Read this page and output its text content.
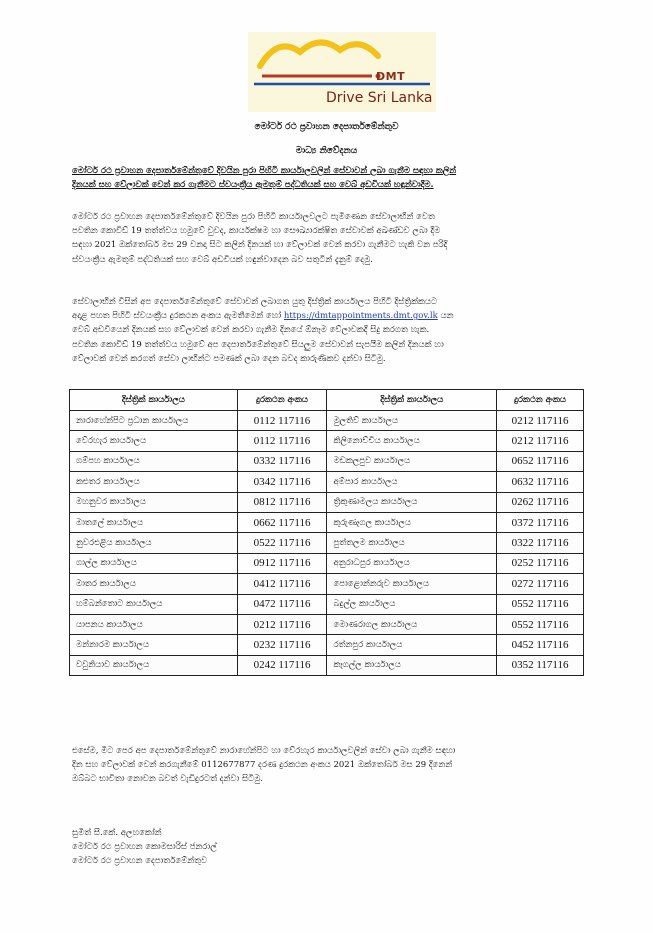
DMT
Drive Sri Lanka
මෝටර් රථ ප්‍රවාහන දෙපාර්තමේන්තුව
මාධ්‍ය නිවේදනය
මෝටර් රථ ප්‍රවාහන දෙපාර්තමේන්තුවේ දිවයින පුරා පිහිටි කාර්යාලවලින් සේවාවන් ලබා ගැනීම සඳහා කලින්
දිනයක් සහ වේලාවක් වෙන් කර ගැනීමට ස්වයංක්‍රීය ඇමතුම් පද්ධතියක් සහ වෙබ් අඩවියක් හඳුන්වාදීම.
මෝටර් රථ ප්‍රවාහන දෙපාර්තමේන්තුවේ දිවයින පුරා පිහිටි කාර්යාලවලට පැමිණෙන සේවාලාභීන් වෙත
පවතින කොවිඩ් 19 තත්ත්වය හමුවේ වුවද, කාර්යක්ෂම හා සෞඛ්‍යාරක්ෂිත සේවාවක් අඛණ්ඩව ලබා දීම
සඳහා 2021 ඔක්තෝබර් මස 29 වනදා සිට කලින් දිනයක් හා වේලාවක් වෙන් කරවා ගැනීමට හැකි වන පරිදි
ස්වයංක්‍රීය ඇමතුම් පද්ධතියක් සහ වෙබ් අඩවියක් හඳුන්වාදෙන බව සතුටින් දැනුම් දෙමු.
සේවාලාභීන් විසින් අප දෙපාර්තමේන්තුවේ සේවාවන් ලබාගත යුතු දිස්ත්‍රික් කාර්යාලය පිහිටි දිස්ත්‍රික්කයට
අදාළ පහත පිහිටි ස්වයංක්‍රීය දුරකථන අංකය ඇමතීමෙන් හෝ https://dmtappointments.dmt.gov.lk යන
වෙබ් අඩවියෙන් දිනයක් සහ වේලාවක් වෙන් කරවා ගැනීම දිනයේ ඕනෑම වේලාවකදී සිදු කරගත හැක.
පවතින කොවිඩ් 19 තත්ත්වය හමුවේ අප දෙපාර්තමේන්තුවේ සියලුම සේවාවන් සැපයීම කලින් දිනයක් හා
වේලාවක් වෙන් කරගත් සේවා ලාභීන්ට පමණක් ලබා දෙන බවද කාරුණිකව දන්වා සිටිමු.
දිස්ත්‍රික් කාර්යාලය	දුරකථන අංකය	දිස්ත්‍රික් කාර්යාලය	දුරකථන අංකය
නාරාහේන්පිට ප්‍රධාන කාර්යාලය	0112 117116	මුලතිව් කාර්යාලය	0212 117116
වේරහැර කාර්යාලය	0112 117116	කිලිනොච්චිය කාර්යාලය	0212 117116
ගම්පහ කාර්යාලය	0332 117116	මඩකලපුව කාර්යාලය	0652 117116
කළුතර කාර්යාලය	0342 117116	අම්පාර කාර්යාලය	0632 117116
මහනුවර කාර්යාලය	0812 117116	ත්‍රිකුණාමලය කාර්යාලය	0262 117116
මාතලේ කාර්යාලය	0662 117116	කුරුණෑගල කාර්යාලය	0372 117116
නුවරඑළිය කාර්යාලය	0522 117116	පුත්තලම කාර්යාලය	0322 117116
ගාල්ල කාර්යාලය	0912 117116	අනුරාධපුර කාර්යාලය	0252 117116
මාතර කාර්යාලය	0412 117116	පොළොන්නරුව කාර්යාලය	0272 117116
හම්බන්තොට කාර්යාලය	0472 117116	බදුල්ල කාර්යාලය	0552 117116
යාපනය කාර්යාලය	0212 117116	මොණරාගල කාර්යාලය	0552 117116
මන්නාරම කාර්යාලය	0232 117116	රත්නපුර කාර්යාලය	0452 117116
වවුනියාව කාර්යාලය	0242 117116	කෑගල්ල කාර්යාලය	0352 117116
එසේම, මීට පෙර අප දෙපාර්තමේන්තුවේ නාරාහේන්පිට හා වේරහැර කාර්යාලවලින් සේවා ලබා ගැනීම සඳහා
දින සහ වේලාවක් වෙන් කරගැනීමේ 0112677877 දරණ දුරකථන අංකය 2021 ඔක්තෝබර් මස 29 දිනෙන්
ඔබ්බට භාවිතා නොවන බවත් වැඩිදුරටත් දන්වා සිටිමු.
සුමිත් සී.කේ. අලහකෝන්
මෝටර් රථ ප්‍රවාහන කොමසාරිස් ජනරාල්
මෝටර් රථ ප්‍රවාහන දෙපාර්තමේන්තුව
